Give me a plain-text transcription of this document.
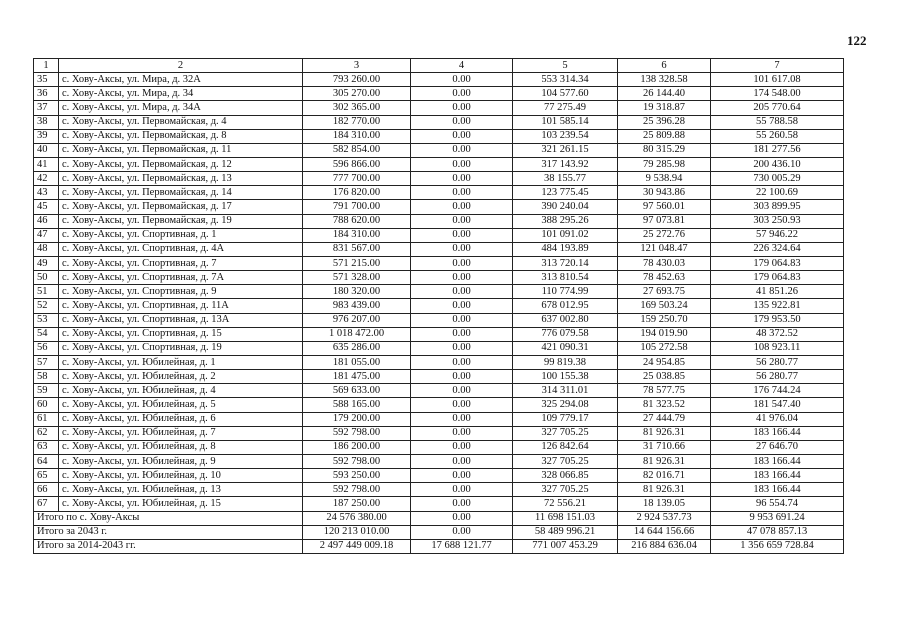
122
1	2	3	4	5	6	7
35	с. Хову-Аксы, ул. Мира, д. 32А	793 260.00	0.00	553 314.34	138 328.58	101 617.08
36	с. Хову-Аксы, ул. Мира, д. 34	305 270.00	0.00	104 577.60	26 144.40	174 548.00
37	с. Хову-Аксы, ул. Мира, д. 34А	302 365.00	0.00	77 275.49	19 318.87	205 770.64
38	с. Хову-Аксы, ул. Первомайская, д. 4	182 770.00	0.00	101 585.14	25 396.28	55 788.58
39	с. Хову-Аксы, ул. Первомайская, д. 8	184 310.00	0.00	103 239.54	25 809.88	55 260.58
40	с. Хову-Аксы, ул. Первомайская, д. 11	582 854.00	0.00	321 261.15	80 315.29	181 277.56
41	с. Хову-Аксы, ул. Первомайская, д. 12	596 866.00	0.00	317 143.92	79 285.98	200 436.10
42	с. Хову-Аксы, ул. Первомайская, д. 13	777 700.00	0.00	38 155.77	9 538.94	730 005.29
43	с. Хову-Аксы, ул. Первомайская, д. 14	176 820.00	0.00	123 775.45	30 943.86	22 100.69
45	с. Хову-Аксы, ул. Первомайская, д. 17	791 700.00	0.00	390 240.04	97 560.01	303 899.95
46	с. Хову-Аксы, ул. Первомайская, д. 19	788 620.00	0.00	388 295.26	97 073.81	303 250.93
47	с. Хову-Аксы, ул. Спортивная, д. 1	184 310.00	0.00	101 091.02	25 272.76	57 946.22
48	с. Хову-Аксы, ул. Спортивная, д. 4А	831 567.00	0.00	484 193.89	121 048.47	226 324.64
49	с. Хову-Аксы, ул. Спортивная, д. 7	571 215.00	0.00	313 720.14	78 430.03	179 064.83
50	с. Хову-Аксы, ул. Спортивная, д. 7А	571 328.00	0.00	313 810.54	78 452.63	179 064.83
51	с. Хову-Аксы, ул. Спортивная, д. 9	180 320.00	0.00	110 774.99	27 693.75	41 851.26
52	с. Хову-Аксы, ул. Спортивная, д. 11А	983 439.00	0.00	678 012.95	169 503.24	135 922.81
53	с. Хову-Аксы, ул. Спортивная, д. 13А	976 207.00	0.00	637 002.80	159 250.70	179 953.50
54	с. Хову-Аксы, ул. Спортивная, д. 15	1 018 472.00	0.00	776 079.58	194 019.90	48 372.52
56	с. Хову-Аксы, ул. Спортивная, д. 19	635 286.00	0.00	421 090.31	105 272.58	108 923.11
57	с. Хову-Аксы, ул. Юбилейная, д. 1	181 055.00	0.00	99 819.38	24 954.85	56 280.77
58	с. Хову-Аксы, ул. Юбилейная, д. 2	181 475.00	0.00	100 155.38	25 038.85	56 280.77
59	с. Хову-Аксы, ул. Юбилейная, д. 4	569 633.00	0.00	314 311.01	78 577.75	176 744.24
60	с. Хову-Аксы, ул. Юбилейная, д. 5	588 165.00	0.00	325 294.08	81 323.52	181 547.40
61	с. Хову-Аксы, ул. Юбилейная, д. 6	179 200.00	0.00	109 779.17	27 444.79	41 976.04
62	с. Хову-Аксы, ул. Юбилейная, д. 7	592 798.00	0.00	327 705.25	81 926.31	183 166.44
63	с. Хову-Аксы, ул. Юбилейная, д. 8	186 200.00	0.00	126 842.64	31 710.66	27 646.70
64	с. Хову-Аксы, ул. Юбилейная, д. 9	592 798.00	0.00	327 705.25	81 926.31	183 166.44
65	с. Хову-Аксы, ул. Юбилейная, д. 10	593 250.00	0.00	328 066.85	82 016.71	183 166.44
66	с. Хову-Аксы, ул. Юбилейная, д. 13	592 798.00	0.00	327 705.25	81 926.31	183 166.44
67	с. Хову-Аксы, ул. Юбилейная, д. 15	187 250.00	0.00	72 556.21	18 139.05	96 554.74
Итого по с. Хову-Аксы		24 576 380.00	0.00	11 698 151.03	2 924 537.73	9 953 691.24
Итого за 2043 г.		120 213 010.00	0.00	58 489 996.21	14 644 156.66	47 078 857.13
Итого за 2014-2043 гг.		2 497 449 009.18	17 688 121.77	771 007 453.29	216 884 636.04	1 356 659 728.84
